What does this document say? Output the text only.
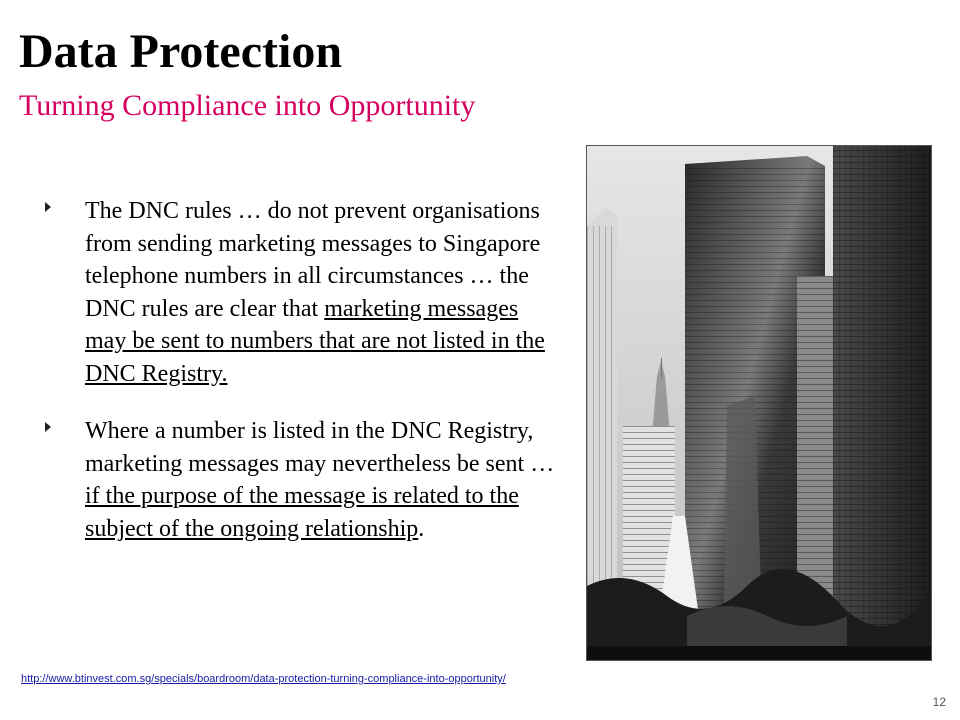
Data Protection
Turning Compliance into Opportunity
The DNC rules … do not prevent organisations from sending marketing messages to Singapore telephone numbers in all circumstances … the DNC rules are clear that marketing messages may be sent to numbers that are not listed in the DNC Registry.
Where a number is listed in the DNC Registry, marketing messages may nevertheless be sent … if the purpose of the message is related to the subject of the ongoing relationship.
http://www.btinvest.com.sg/specials/boardroom/data-protection-turning-compliance-into-opportunity/
12
